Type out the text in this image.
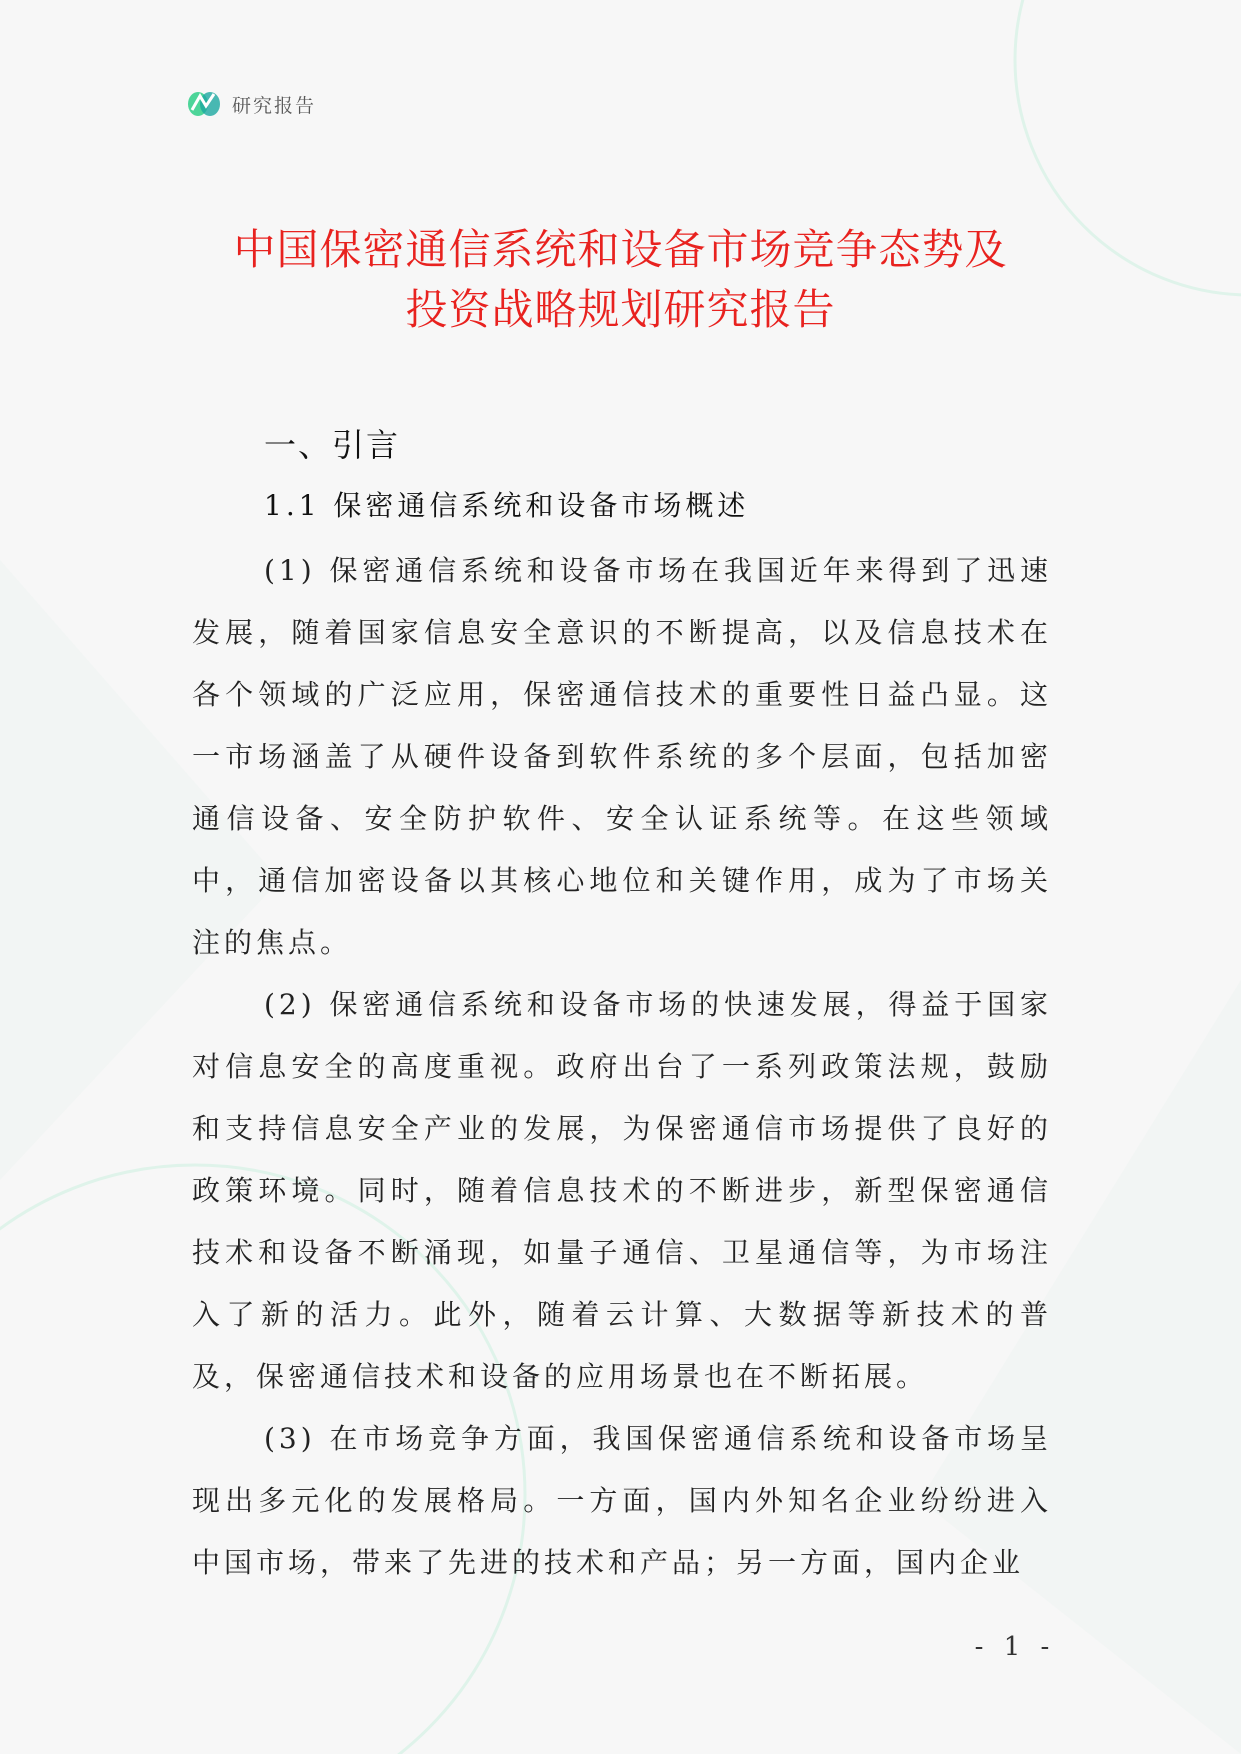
研究报告
中国保密通信系统和设备市场竞争态势及
投资战略规划研究报告
一、引言
1.1 保密通信系统和设备市场概述

(1) 保密通信系统和设备市场在我国近年来得到了迅速发展，随着国家信息安全意识的不断提高，以及信息技术在各个领域的广泛应用，保密通信技术的重要性日益凸显。这一市场涵盖了从硬件设备到软件系统的多个层面，包括加密通信设备、安全防护软件、安全认证系统等。在这些领域中，通信加密设备以其核心地位和关键作用，成为了市场关注的焦点。

(2) 保密通信系统和设备市场的快速发展，得益于国家对信息安全的高度重视。政府出台了一系列政策法规，鼓励和支持信息安全产业的发展，为保密通信市场提供了良好的政策环境。同时，随着信息技术的不断进步，新型保密通信技术和设备不断涌现，如量子通信、卫星通信等，为市场注入了新的活力。此外，随着云计算、大数据等新技术的普及，保密通信技术和设备的应用场景也在不断拓展。

(3) 在市场竞争方面，我国保密通信系统和设备市场呈现出多元化的发展格局。一方面，国内外知名企业纷纷进入中国市场，带来了先进的技术和产品；另一方面，国内企业

- 1 -
